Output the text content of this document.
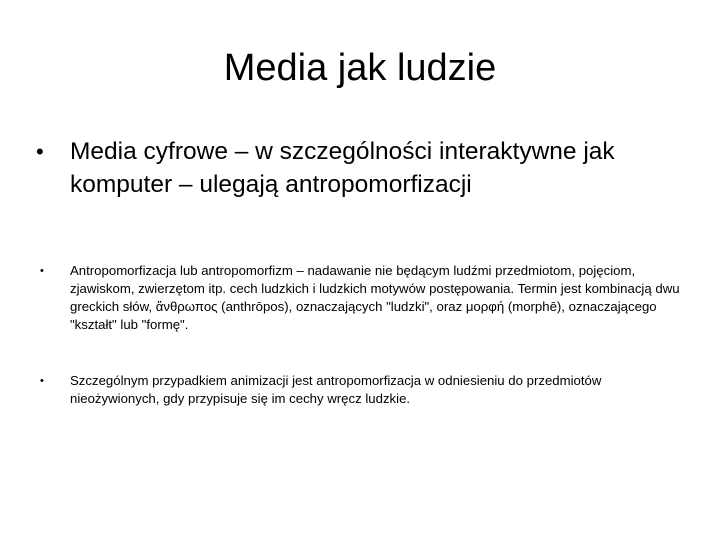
Media jak ludzie
• Media cyfrowe – w szczególności interaktywne jak komputer – ulegają antropomorfizacji
• Antropomorfizacja lub antropomorfizm – nadawanie nie będącym ludźmi przedmiotom, pojęciom, zjawiskom, zwierzętom itp. cech ludzkich i ludzkich motywów postępowania. Termin jest kombinacją dwu greckich słów, ἄνθρωπος (anthrōpos), oznaczających "ludzki", oraz μορφή (morphē), oznaczającego "kształt" lub "formę".
• Szczególnym przypadkiem animizacji jest antropomorfizacja w odniesieniu do przedmiotów nieożywionych, gdy przypisuje się im cechy wręcz ludzkie.
